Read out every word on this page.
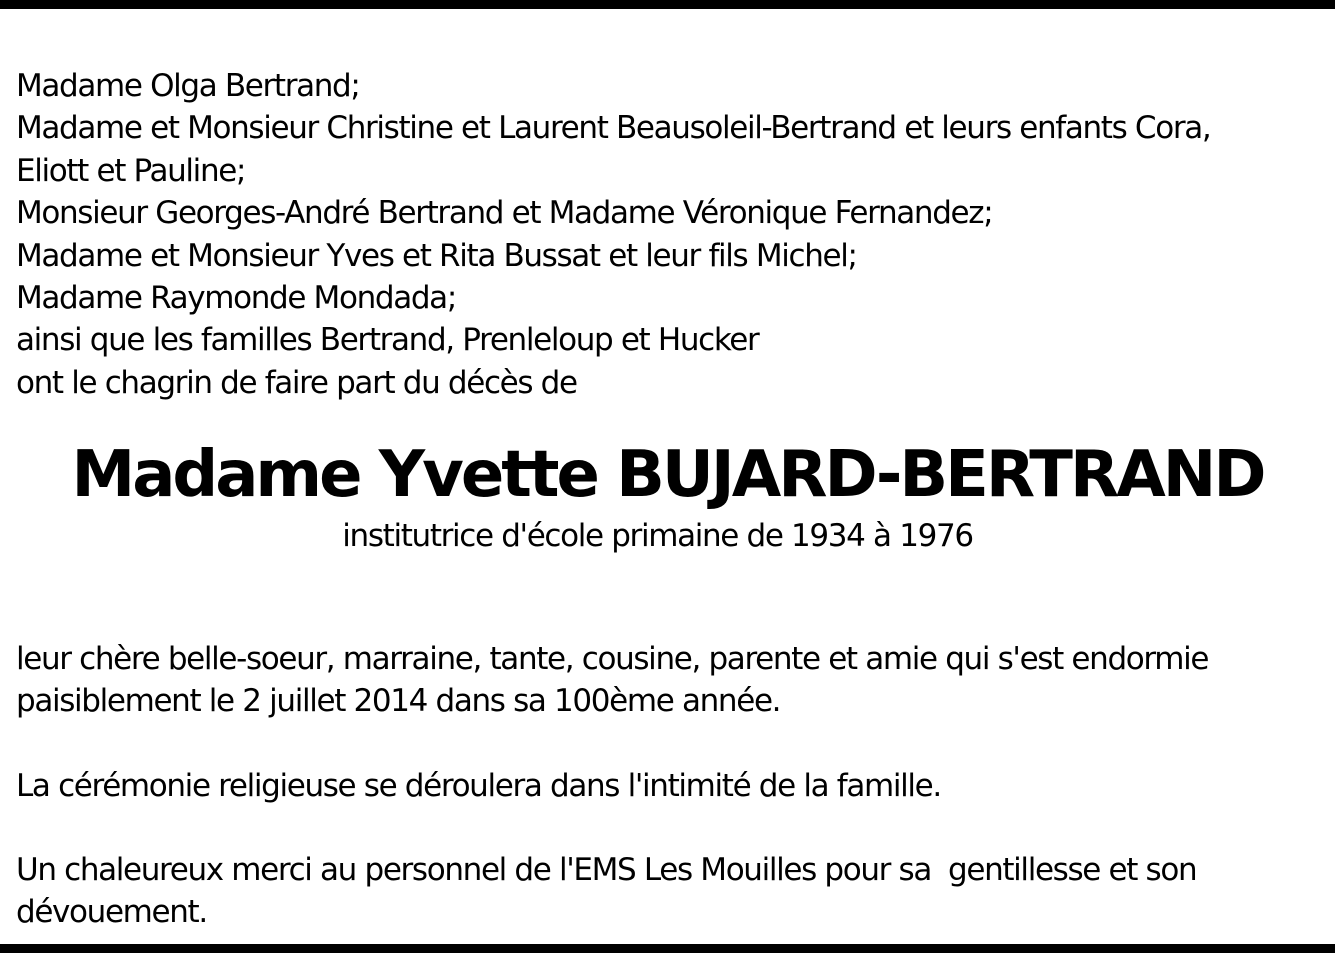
Madame Olga Bertrand;
Madame et Monsieur Christine et Laurent Beausoleil-Bertrand et leurs enfants Cora,
Eliott et Pauline;
Monsieur Georges-André Bertrand et Madame Véronique Fernandez;
Madame et Monsieur Yves et Rita Bussat et leur fils Michel;
Madame Raymonde Mondada;
ainsi que les familles Bertrand, Prenleloup et Hucker
ont le chagrin de faire part du décès de
Madame Yvette BUJARD-BERTRAND
institutrice d'école primaine de 1934 à 1976
leur chère belle-soeur, marraine, tante, cousine, parente et amie qui s'est endormie
paisiblement le 2 juillet 2014 dans sa 100ème année.
La cérémonie religieuse se déroulera dans l'intimité de la famille.
Un chaleureux merci au personnel de l'EMS Les Mouilles pour sa  gentillesse et son
dévouement.
